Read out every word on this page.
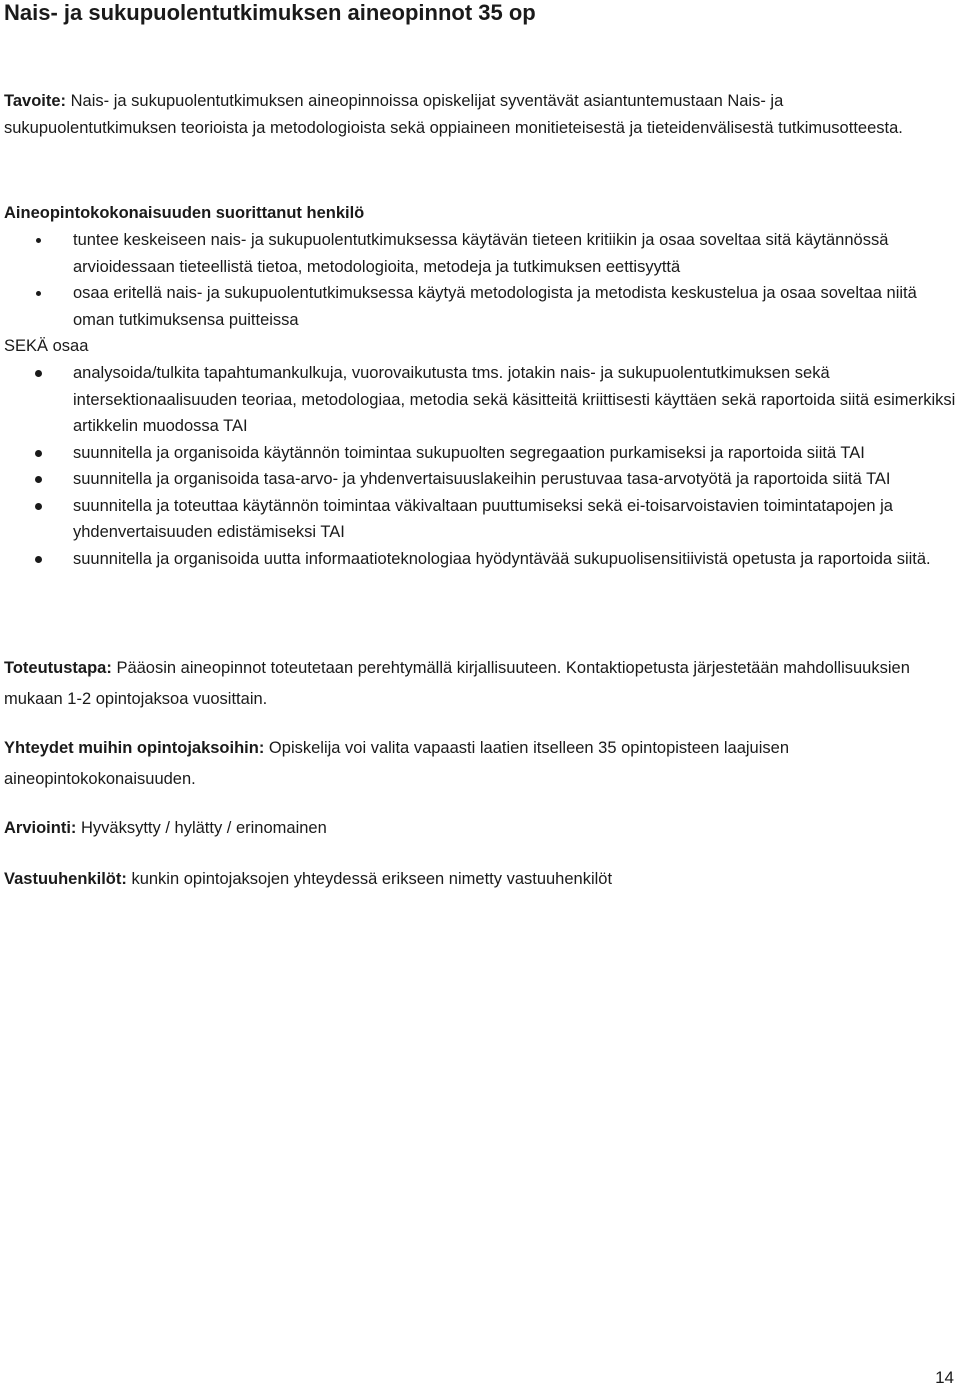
Nais- ja sukupuolentutkimuksen aineopinnot 35 op

Tavoite: Nais- ja sukupuolentutkimuksen aineopinnoissa opiskelijat syventävät asiantuntemustaan Nais- ja sukupuolentutkimuksen teorioista ja metodologioista sekä oppiaineen monitieteisestä ja tieteidenvälisestä tutkimusotteesta.

Aineopintokokonaisuuden suorittanut henkilö

tuntee keskeiseen nais- ja sukupuolentutkimuksessa käytävän tieteen kritiikin ja osaa soveltaa sitä käytännössä arvioidessaan tieteellistä tietoa, metodologioita, metodeja ja tutkimuksen eettisyyttä
osaa eritellä nais- ja sukupuolentutkimuksessa käytyä metodologista ja metodista keskustelua ja osaa soveltaa niitä oman tutkimuksensa puitteissa

SEKÄ osaa

analysoida/tulkita tapahtumankulkuja, vuorovaikutusta tms. jotakin nais- ja sukupuolentutkimuksen sekä intersektionaalisuuden teoriaa, metodologiaa, metodia sekä käsitteitä kriittisesti käyttäen sekä raportoida siitä esimerkiksi artikkelin muodossa TAI
suunnitella ja organisoida käytännön toimintaa sukupuolten segregaation purkamiseksi ja raportoida siitä TAI
suunnitella ja organisoida tasa-arvo- ja yhdenvertaisuuslakeihin perustuvaa tasa-arvotyötä ja raportoida siitä TAI
suunnitella ja toteuttaa käytännön toimintaa väkivaltaan puuttumiseksi sekä ei-toisarvoistavien toimintatapojen ja yhdenvertaisuuden edistämiseksi TAI
suunnitella ja organisoida uutta informaatioteknologiaa hyödyntävää sukupuolisensitiivistä opetusta ja raportoida siitä.

Toteutustapa: Pääosin aineopinnot toteutetaan perehtymällä kirjallisuuteen. Kontaktiopetusta järjestetään mahdollisuuksien mukaan 1-2 opintojaksoa vuosittain.

Yhteydet muihin opintojaksoihin: Opiskelija voi valita vapaasti laatien itselleen 35 opintopisteen laajuisen aineopintokokonaisuuden.

Arviointi: Hyväksytty / hylätty / erinomainen

Vastuuhenkilöt: kunkin opintojaksojen yhteydessä erikseen nimetty vastuuhenkilöt

14
